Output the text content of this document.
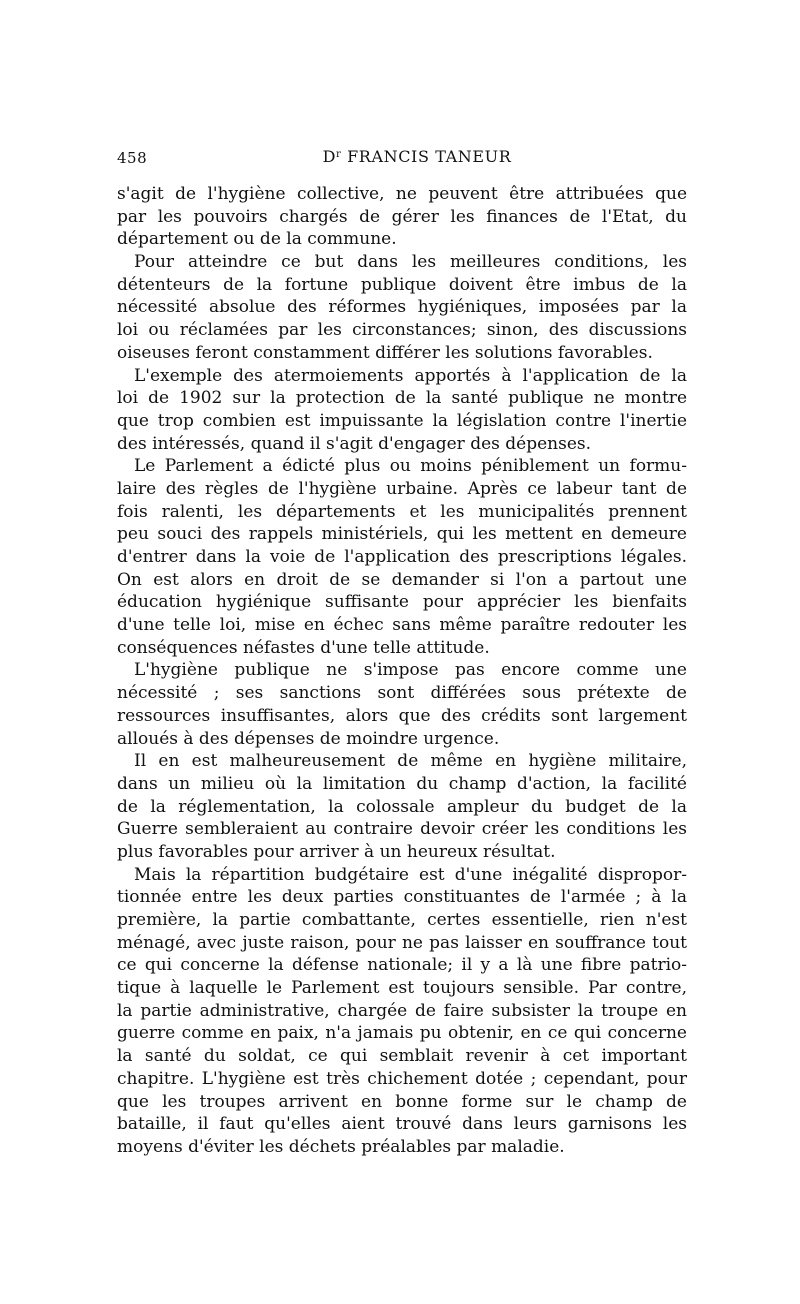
458	$D^r$ FRANCIS TANEUR
s'agit de l'hygiène collective, ne peuvent être attribuées que
par les pouvoirs chargés de gérer les finances de l'Etat, du
département ou de la commune.
Pour atteindre ce but dans les meilleures conditions, les
détenteurs de la fortune publique doivent être imbus de la
nécessité absolue des réformes hygiéniques, imposées par la
loi ou réclamées par les circonstances; sinon, des discussions
oiseuses feront constamment différer les solutions favorables.
L'exemple des atermoiements apportés à l'application de la
loi de 1902 sur la protection de la santé publique ne montre
que trop combien est impuissante la législation contre l'inertie
des intéressés, quand il s'agit d'engager des dépenses.
Le Parlement a édicté plus ou moins péniblement un formu-
laire des règles de l'hygiène urbaine. Après ce labeur tant de
fois ralenti, les départements et les municipalités prennent
peu souci des rappels ministériels, qui les mettent en demeure
d'entrer dans la voie de l'application des prescriptions légales.
On est alors en droit de se demander si l'on a partout une
éducation hygiénique suffisante pour apprécier les bienfaits
d'une telle loi, mise en échec sans même paraître redouter les
conséquences néfastes d'une telle attitude.
L'hygiène publique ne s'impose pas encore comme une
nécessité ; ses sanctions sont différées sous prétexte de
ressources insuffisantes, alors que des crédits sont largement
alloués à des dépenses de moindre urgence.
Il en est malheureusement de même en hygiène militaire,
dans un milieu où la limitation du champ d'action, la facilité
de la réglementation, la colossale ampleur du budget de la
Guerre sembleraient au contraire devoir créer les conditions les
plus favorables pour arriver à un heureux résultat.
Mais la répartition budgétaire est d'une inégalité dispropor-
tionnée entre les deux parties constituantes de l'armée ; à la
première, la partie combattante, certes essentielle, rien n'est
ménagé, avec juste raison, pour ne pas laisser en souffrance tout
ce qui concerne la défense nationale; il y a là une fibre patrio-
tique à laquelle le Parlement est toujours sensible. Par contre,
la partie administrative, chargée de faire subsister la troupe en
guerre comme en paix, n'a jamais pu obtenir, en ce qui concerne
la santé du soldat, ce qui semblait revenir à cet important
chapitre. L'hygiène est très chichement dotée ; cependant, pour
que les troupes arrivent en bonne forme sur le champ de
bataille, il faut qu'elles aient trouvé dans leurs garnisons les
moyens d'éviter les déchets préalables par maladie.
